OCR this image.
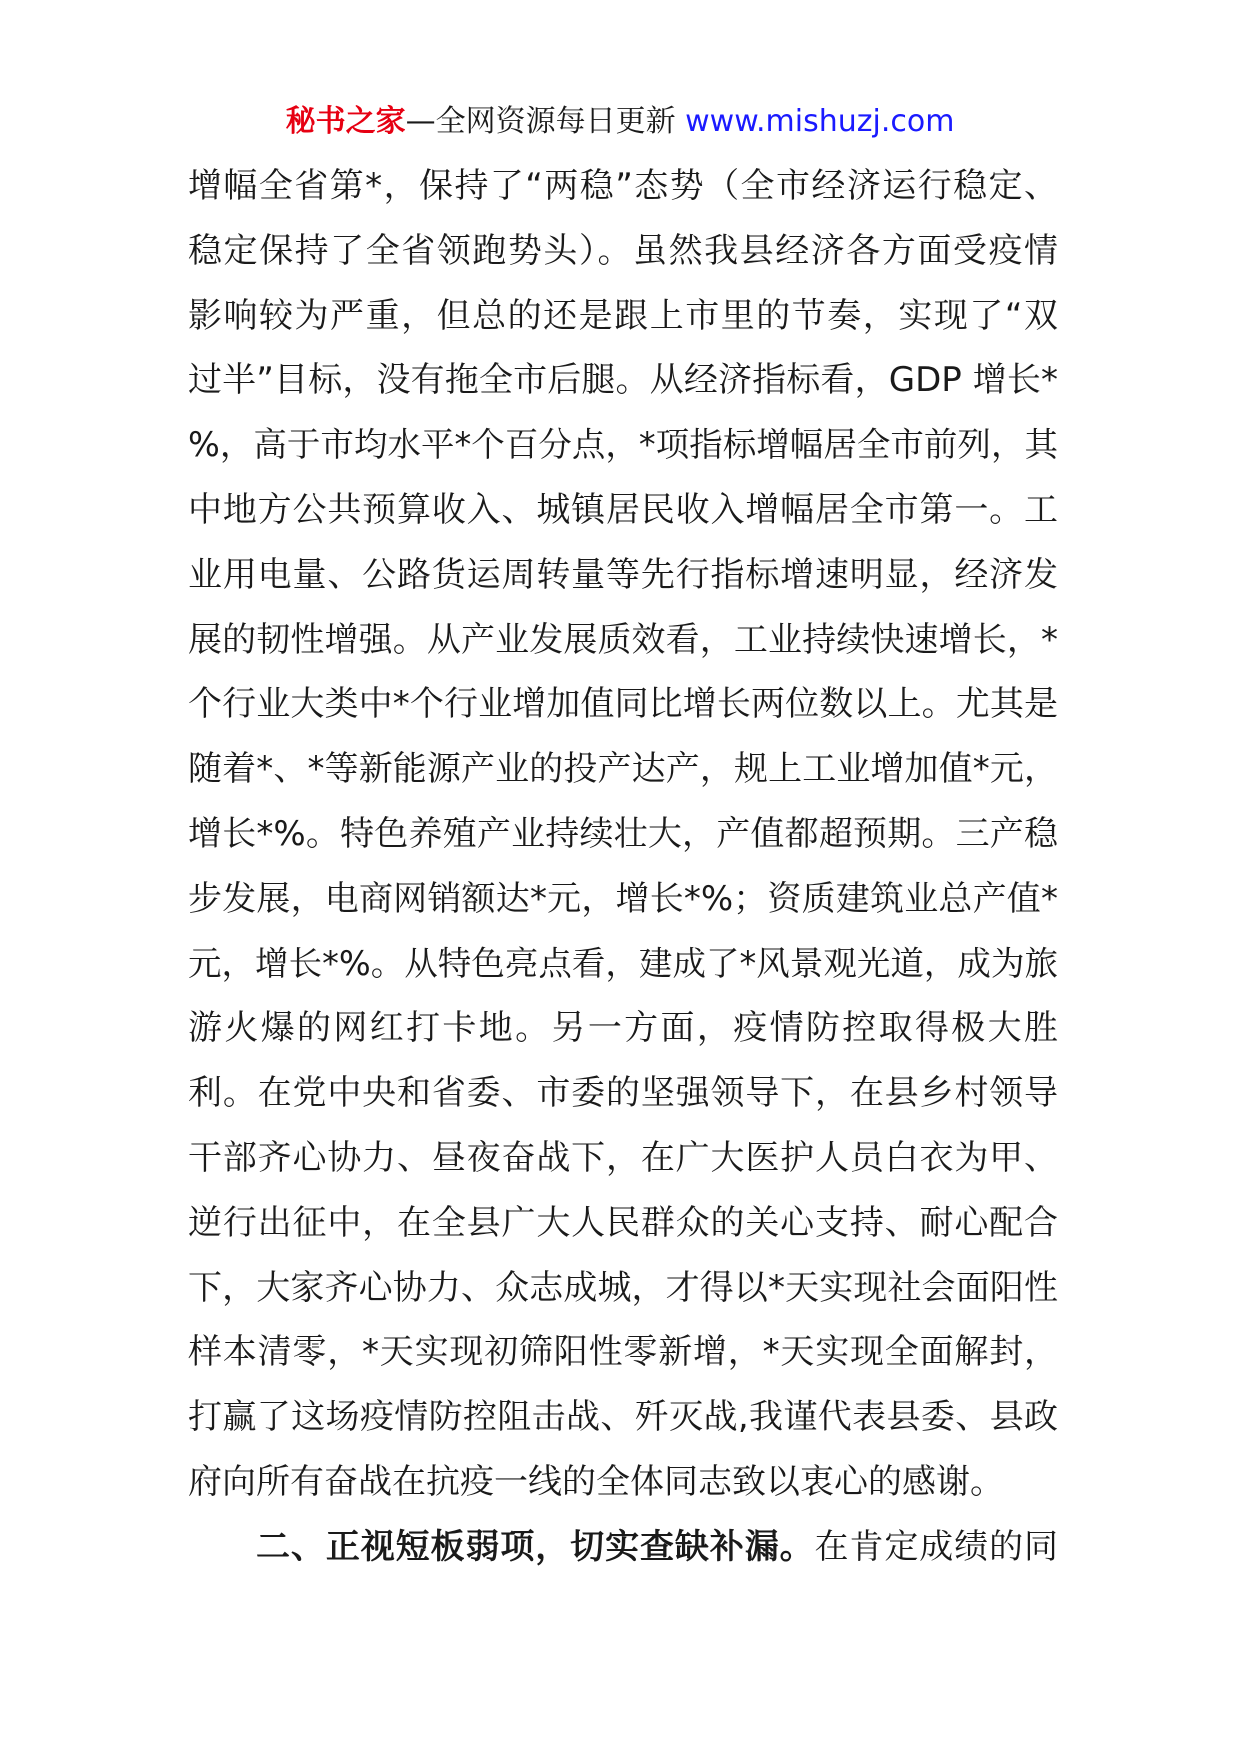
秘书之家—全网资源每日更新 www.mishuzj.com
增幅全省第*，保持了“两稳”态势（全市经济运行稳定、
稳定保持了全省领跑势头）。虽然我县经济各方面受疫情
影响较为严重，但总的还是跟上市里的节奏，实现了“双
过半”目标，没有拖全市后腿。从经济指标看，GDP 增长*
%，高于市均水平*个百分点，*项指标增幅居全市前列，其
中地方公共预算收入、城镇居民收入增幅居全市第一。工
业用电量、公路货运周转量等先行指标增速明显，经济发
展的韧性增强。从产业发展质效看，工业持续快速增长，*
个行业大类中*个行业增加值同比增长两位数以上。尤其是
随着*、*等新能源产业的投产达产，规上工业增加值*元，
增长*%。特色养殖产业持续壮大，产值都超预期。三产稳
步发展，电商网销额达*元，增长*%；资质建筑业总产值*
元，增长*%。从特色亮点看，建成了*风景观光道，成为旅
游火爆的网红打卡地。另一方面，疫情防控取得极大胜
利。在党中央和省委、市委的坚强领导下，在县乡村领导
干部齐心协力、昼夜奋战下，在广大医护人员白衣为甲、
逆行出征中，在全县广大人民群众的关心支持、耐心配合
下，大家齐心协力、众志成城，才得以*天实现社会面阳性
样本清零，*天实现初筛阳性零新增，*天实现全面解封，
打赢了这场疫情防控阻击战、歼灭战,我谨代表县委、县政
府向所有奋战在抗疫一线的全体同志致以衷心的感谢。
二、正视短板弱项，切实查缺补漏。在肯定成绩的同
